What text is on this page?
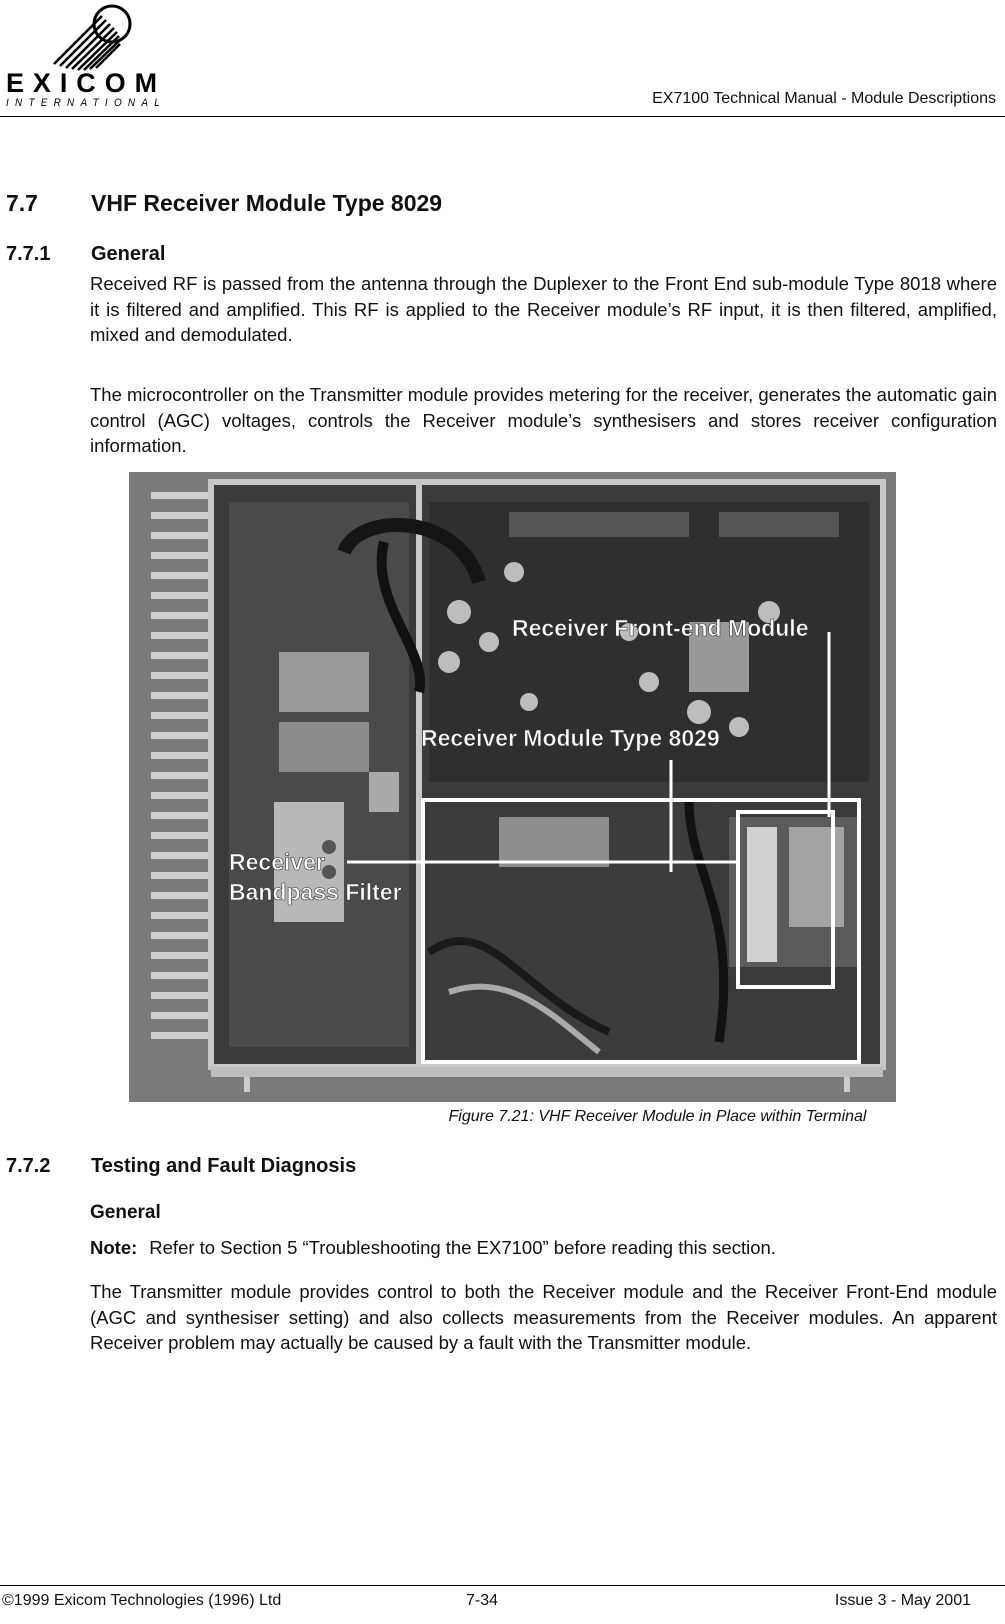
EXICOM
INTERNATIONAL	EX7100 Technical Manual - Module Descriptions
7.7 VHF Receiver Module Type 8029
7.7.1 General

Received RF is passed from the antenna through the Duplexer to the Front End sub-module Type 8018 where it is filtered and amplified. This RF is applied to the Receiver module’s RF input, it is then filtered, amplified, mixed and demodulated.

The microcontroller on the Transmitter module provides metering for the receiver, generates the automatic gain control (AGC) voltages, controls the Receiver module’s synthesisers and stores receiver configuration information.

Receiver Front-end Module
Receiver Module Type 8029
Receiver
Bandpass Filter
Figure 7.21: VHF Receiver Module in Place within Terminal
7.7.2 Testing and Fault Diagnosis
General
Note: Refer to Section 5 “Troubleshooting the EX7100” before reading this section.

The Transmitter module provides control to both the Receiver module and the Receiver Front-End module (AGC and synthesiser setting) and also collects measurements from the Receiver modules. An apparent Receiver problem may actually be caused by a fault with the Transmitter module.

©1999 Exicom Technologies (1996) Ltd	7-34	Issue 3 - May 2001
